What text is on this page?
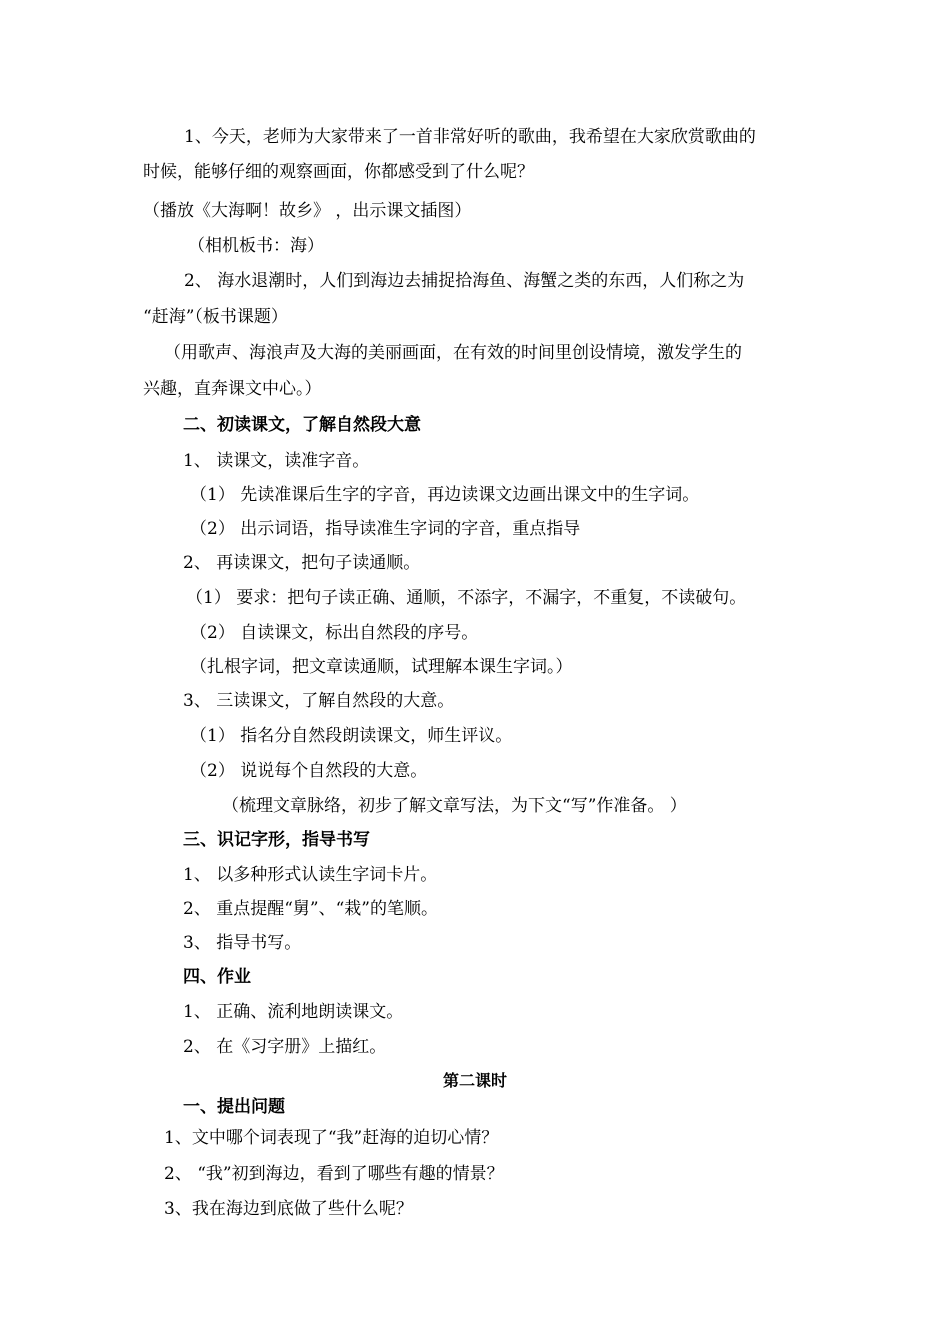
1、今天，老师为大家带来了一首非常好听的歌曲，我希望在大家欣赏歌曲的
时候，能够仔细的观察画面，你都感受到了什么呢？
（播放《大海啊！故乡》 ，出示课文插图）
（相机板书：海）
2、 海水退潮时，人们到海边去捕捉拾海鱼、海蟹之类的东西，人们称之为
“赶海”（板书课题）
（用歌声、海浪声及大海的美丽画面，在有效的时间里创设情境，激发学生的
兴趣，直奔课文中心。）
二、初读课文，了解自然段大意
1、 读课文，读准字音。
（1） 先读准课后生字的字音，再边读课文边画出课文中的生字词。
（2） 出示词语，指导读准生字词的字音，重点指导
2、 再读课文，把句子读通顺。
（1） 要求：把句子读正确、通顺，不添字，不漏字，不重复，不读破句。
（2） 自读课文，标出自然段的序号。
（扎根字词，把文章读通顺，试理解本课生字词。）
3、 三读课文，了解自然段的大意。
（1） 指名分自然段朗读课文，师生评议。
（2） 说说每个自然段的大意。
（梳理文章脉络，初步了解文章写法，为下文“写”作准备。 ）
三、识记字形，指导书写
1、 以多种形式认读生字词卡片。
2、 重点提醒“舅”、“栽”的笔顺。
3、 指导书写。
四、作业
1、 正确、流利地朗读课文。
2、 在《习字册》上描红。
第二课时
一、提出问题
1、文中哪个词表现了“我”赶海的迫切心情？
2、 “我”初到海边，看到了哪些有趣的情景？
3、我在海边到底做了些什么呢？
